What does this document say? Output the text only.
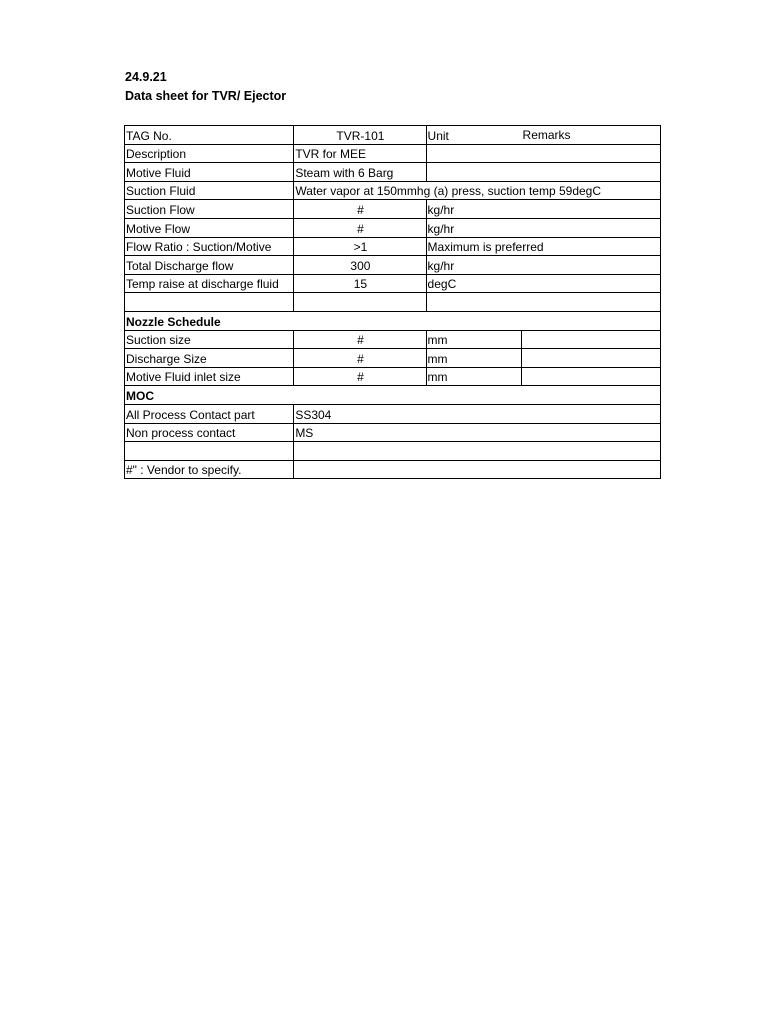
24.9.21
Data sheet for TVR/ Ejector
TAG No.	TVR-101	Unit Remarks	

Description	TVR for MEE		
Motive Fluid	Steam with 6 Barg		
Suction Fluid	Water vapor at 150mmhg (a) press, suction temp 59degC		
Suction Flow	#	kg/hr	
Motive Flow	#	kg/hr	
Flow Ratio : Suction/Motive	>1	Maximum is preferred	
Total Discharge flow	300	kg/hr	
Temp raise at discharge fluid	15	degC	

Nozzle Schedule			
Suction size	#	mm	
Discharge Size	#	mm	
Motive Fluid inlet size	#	mm	
MOC			
All Process Contact part	SS304		
Non process contact	MS		

#" : Vendor to specify.			
